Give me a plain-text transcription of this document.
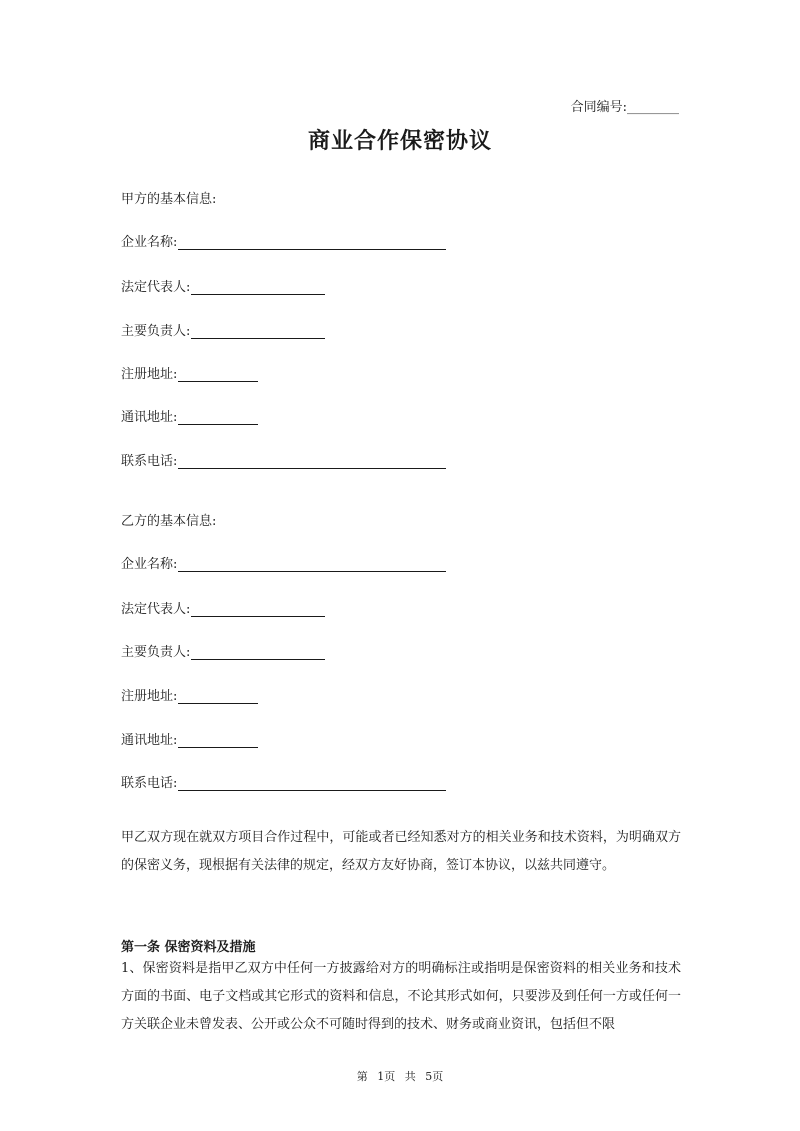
合同编号:________
商业合作保密协议
甲方的基本信息:
企业名称:
法定代表人:
主要负责人:
注册地址:
通讯地址:
联系电话:
乙方的基本信息:
企业名称:
法定代表人:
主要负责人:
注册地址:
通讯地址:
联系电话:
甲乙双方现在就双方项目合作过程中，可能或者已经知悉对方的相关业务和技术资料，为明确双方的保密义务，现根据有关法律的规定，经双方友好协商，签订本协议，以兹共同遵守。
第一条 保密资料及措施
1、保密资料是指甲乙双方中任何一方披露给对方的明确标注或指明是保密资料的相关业务和技术方面的书面、电子文档或其它形式的资料和信息，不论其形式如何，只要涉及到任何一方或任何一方关联企业未曾发表、公开或公众不可随时得到的技术、财务或商业资讯，包括但不限
第 1页 共 5页
